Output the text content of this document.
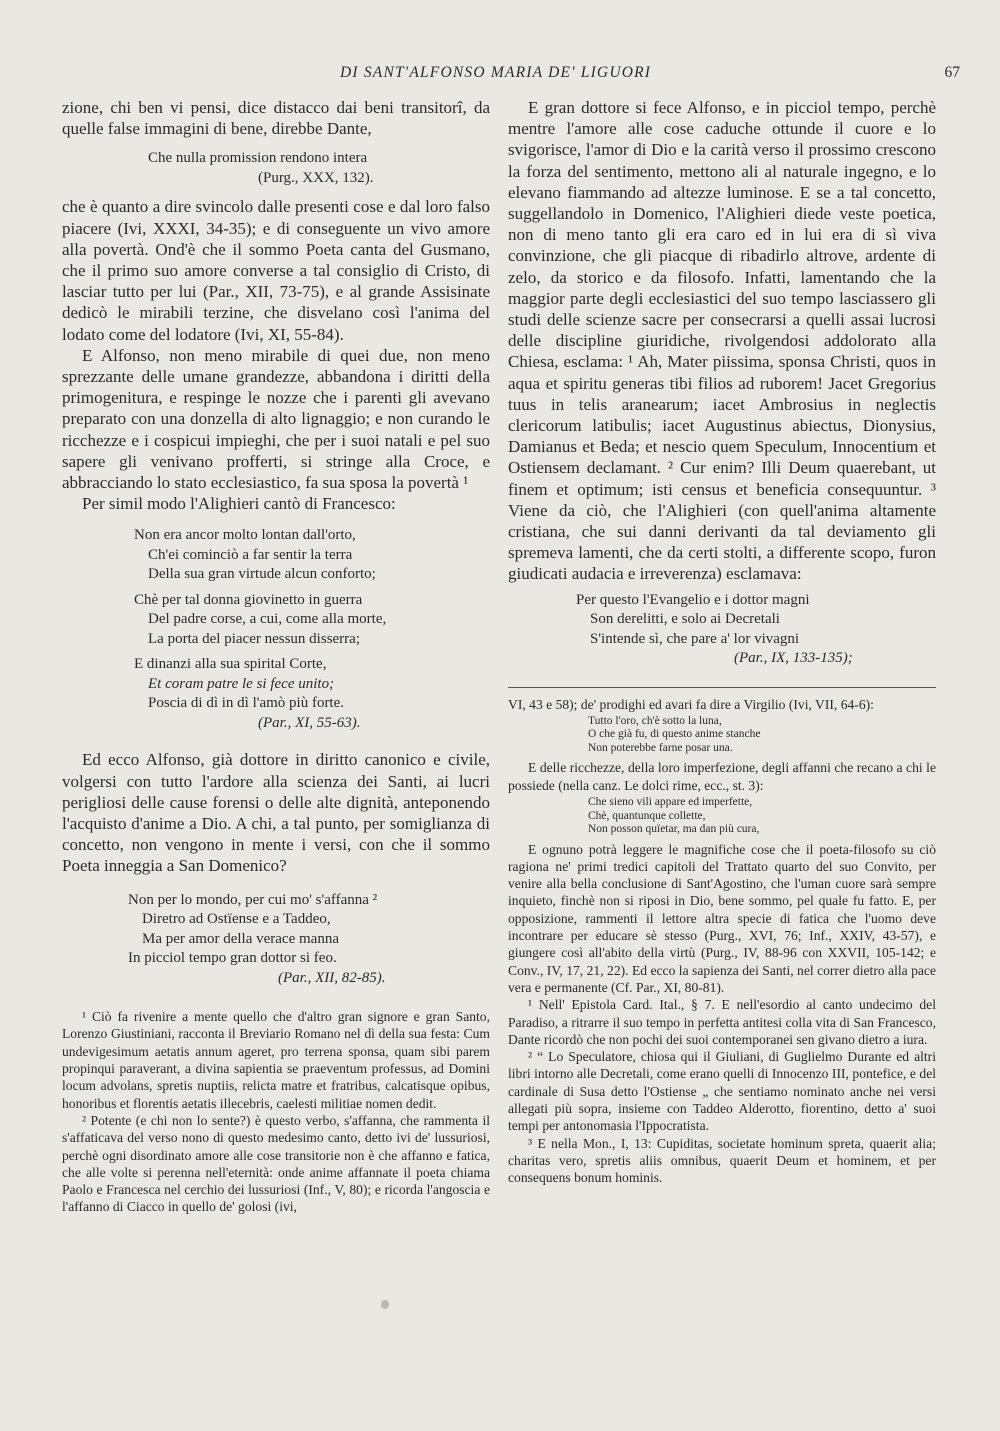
DI SANT'ALFONSO MARIA DE' LIGUORI	67

zione, chi ben vi pensi, dice distacco dai beni transitorî, da quelle false immagini di bene, direbbe Dante,

Che nulla promission rendono intera
(Purg., XXX, 132).

che è quanto a dire svincolo dalle presenti cose e dal loro falso piacere (Ivi, XXXI, 34-35); e di conseguente un vivo amore alla povertà. Ond'è che il sommo Poeta canta del Gusmano, che il primo suo amore converse a tal consiglio di Cristo, di lasciar tutto per lui (Par., XII, 73-75), e al grande Assisinate dedicò le mirabili terzine, che disvelano così l'anima del lodato come del lodatore (Ivi, XI, 55-84).

E Alfonso, non meno mirabile di quei due, non meno sprezzante delle umane grandezze, abbandona i diritti della primogenitura, e respinge le nozze che i parenti gli avevano preparato con una donzella di alto lignaggio; e non curando le ricchezze e i cospicui impieghi, che per i suoi natali e pel suo sapere gli venivano profferti, si stringe alla Croce, e abbracciando lo stato ecclesiastico, fa sua sposa la povertà ¹

Per simil modo l'Alighieri cantò di Francesco:

Non era ancor molto lontan dall'orto,
Ch'ei cominciò a far sentir la terra
Della sua gran virtude alcun conforto;
Chè per tal donna giovinetto in guerra
Del padre corse, a cui, come alla morte,
La porta del piacer nessun disserra;
E dinanzi alla sua spirital Corte,
Et coram patre le si fece unito;
Poscia di dì in dì l'amò più forte.
(Par., XI, 55-63).

Ed ecco Alfonso, già dottore in diritto canonico e civile, volgersi con tutto l'ardore alla scienza dei Santi, ai lucri perigliosi delle cause forensi o delle alte dignità, anteponendo l'acquisto d'anime a Dio. A chi, a tal punto, per somiglianza di concetto, non vengono in mente i versi, con che il sommo Poeta inneggia a San Domenico?

Non per lo mondo, per cui mo' s'affanna ²
Diretro ad Ostïense e a Taddeo,
Ma per amor della verace manna
In picciol tempo gran dottor si feo.
(Par., XII, 82-85).

¹ Ciò fa rivenire a mente quello che d'altro gran signore e gran Santo, Lorenzo Giustiniani, racconta il Breviario Romano nel dì della sua festa: Cum undevigesimum aetatis annum ageret, pro terrena sponsa, quam sibi parem propinqui paraverant, a divina sapientia se praeventum professus, ad Domini locum advolans, spretis nuptiis, relicta matre et fratribus, calcatisque opibus, honoribus et florentis aetatis illecebris, caelesti militiae nomen dedit.

² Potente (e chi non lo sente?) è questo verbo, s'affanna, che rammenta il s'affaticava del verso nono di questo medesimo canto, detto ivi de' lussuriosi, perchè ogni disordinato amore alle cose transitorie non è che affanno e fatica, che alle volte si perenna nell'eternità: onde anime affannate il poeta chiama Paolo e Francesca nel cerchio dei lussuriosi (Inf., V, 80); e ricorda l'angoscia e l'affanno di Ciacco in quello de' golosi (ivi,

E gran dottore si fece Alfonso, e in picciol tempo, perchè mentre l'amore alle cose caduche ottunde il cuore e lo svigorisce, l'amor di Dio e la carità verso il prossimo crescono la forza del sentimento, mettono ali al naturale ingegno, e lo elevano fiammando ad altezze luminose. E se a tal concetto, suggellandolo in Domenico, l'Alighieri diede veste poetica, non di meno tanto gli era caro ed in lui era di sì viva convinzione, che gli piacque di ribadirlo altrove, ardente di zelo, da storico e da filosofo. Infatti, lamentando che la maggior parte degli ecclesiastici del suo tempo lasciassero gli studi delle scienze sacre per consecrarsi a quelli assai lucrosi delle discipline giuridiche, rivolgendosi addolorato alla Chiesa, esclama: ¹ Ah, Mater piissima, sponsa Christi, quos in aqua et spiritu generas tibi filios ad ruborem! Jacet Gregorius tuus in telis aranearum; iacet Ambrosius in neglectis clericorum latibulis; iacet Augustinus abiectus, Dionysius, Damianus et Beda; et nescio quem Speculum, Innocentium et Ostiensem declamant. ² Cur enim? Illi Deum quaerebant, ut finem et optimum; isti census et beneficia consequuntur. ³ Viene da ciò, che l'Alighieri (con quell'anima altamente cristiana, che sui danni derivanti da tal deviamento gli spremeva lamenti, che da certi stolti, a differente scopo, furon giudicati audacia e irreverenza) esclamava:

Per questo l'Evangelio e i dottor magni
Son derelitti, e solo ai Decretali
S'intende sì, che pare a' lor vivagni
(Par., IX, 133-135);

VI, 43 e 58); de' prodighi ed avari fa dire a Virgilio (Ivi, VII, 64-6):

Tutto l'oro, ch'è sotto la luna,
O che già fu, di questo anime stanche
Non poterebbe farne posar una.

E delle ricchezze, della loro imperfezione, degli affanni che recano a chi le possiede (nella canz. Le dolci rime, ecc., st. 3):

Che sieno vili appare ed imperfette,
Chè, quantunque collette,
Non posson quïetar, ma dan più cura,

E ognuno potrà leggere le magnifiche cose che il poeta-filosofo su ciò ragiona ne' primi tredici capitoli del Trattato quarto del suo Convito, per venire alla bella conclusione di Sant'Agostino, che l'uman cuore sarà sempre inquieto, finchè non si riposi in Dio, bene sommo, pel quale fu fatto. E, per opposizione, rammenti il lettore altra specie di fatica che l'uomo deve incontrare per educare sè stesso (Purg., XVI, 76; Inf., XXIV, 43-57), e giungere così all'abito della virtù (Purg., IV, 88-96 con XXVII, 105-142; e Conv., IV, 17, 21, 22). Ed ecco la sapienza dei Santi, nel correr dietro alla pace vera e permanente (Cf. Par., XI, 80-81).

¹ Nell' Epistola Card. Ital., § 7. E nell'esordio al canto undecimo del Paradiso, a ritrarre il suo tempo in perfetta antitesi colla vita di San Francesco, Dante ricordò che non pochi dei suoi contemporanei sen givano dietro a iura.

² “ Lo Speculatore, chiosa qui il Giuliani, di Guglielmo Durante ed altri libri intorno alle Decretali, come erano quelli di Innocenzo III, pontefice, e del cardinale di Susa detto l'Ostiense „ che sentiamo nominato anche nei versi allegati più sopra, insieme con Taddeo Alderotto, fiorentino, detto a' suoi tempi per antonomasia l'Ippocratista.

³ E nella Mon., I, 13: Cupiditas, societate hominum spreta, quaerit alia; charitas vero, spretis aliis omnibus, quaerit Deum et hominem, et per consequens bonum hominis.
